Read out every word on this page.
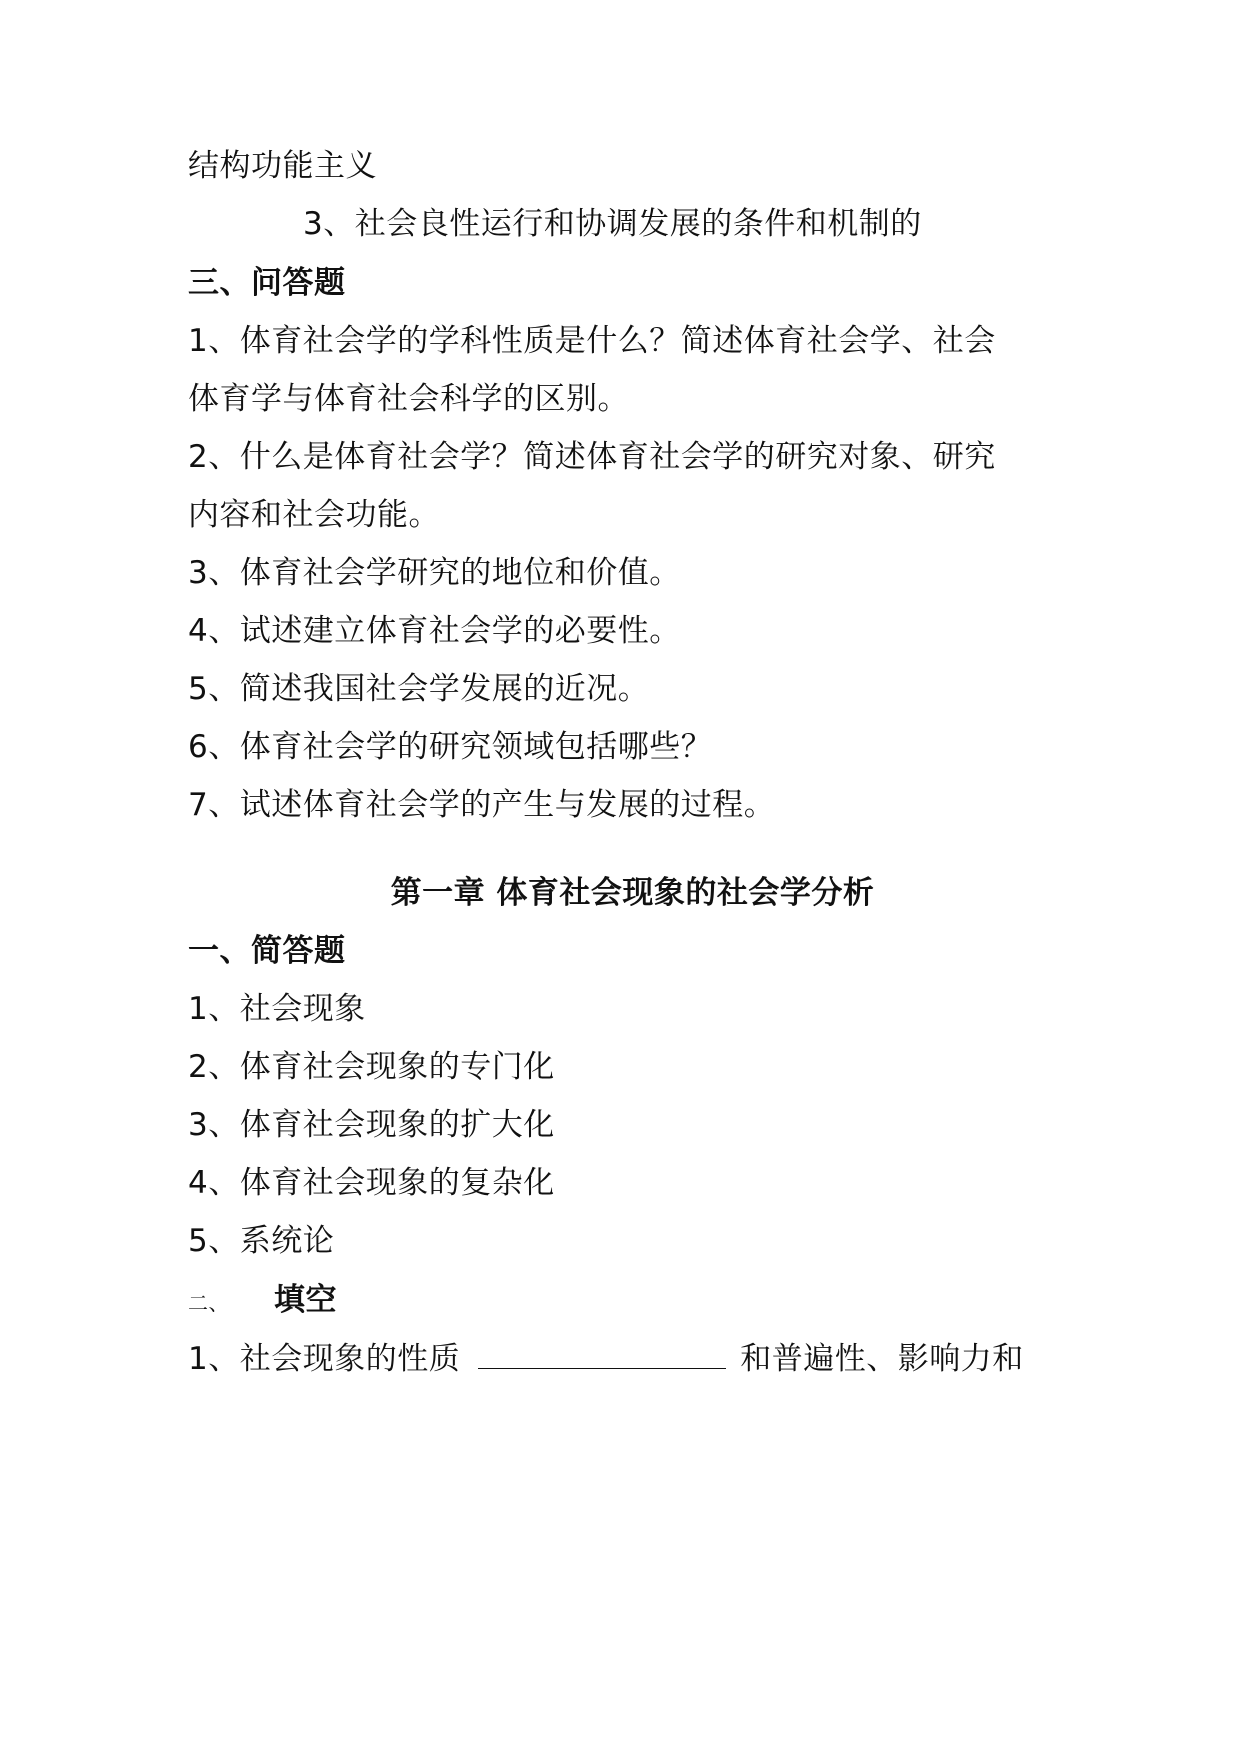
结构功能主义
3、社会良性运行和协调发展的条件和机制的
三、问答题
1、体育社会学的学科性质是什么？简述体育社会学、社会
体育学与体育社会科学的区别。
2、什么是体育社会学？简述体育社会学的研究对象、研究
内容和社会功能。
3、体育社会学研究的地位和价值。
4、试述建立体育社会学的必要性。
5、简述我国社会学发展的近况。
6、体育社会学的研究领域包括哪些？
7、试述体育社会学的产生与发展的过程。
第一章 体育社会现象的社会学分析
一、简答题
1、社会现象
2、体育社会现象的专门化
3、体育社会现象的扩大化
4、体育社会现象的复杂化
5、系统论
二、 填空
1、社会现象的性质	和普遍性、影响力和
